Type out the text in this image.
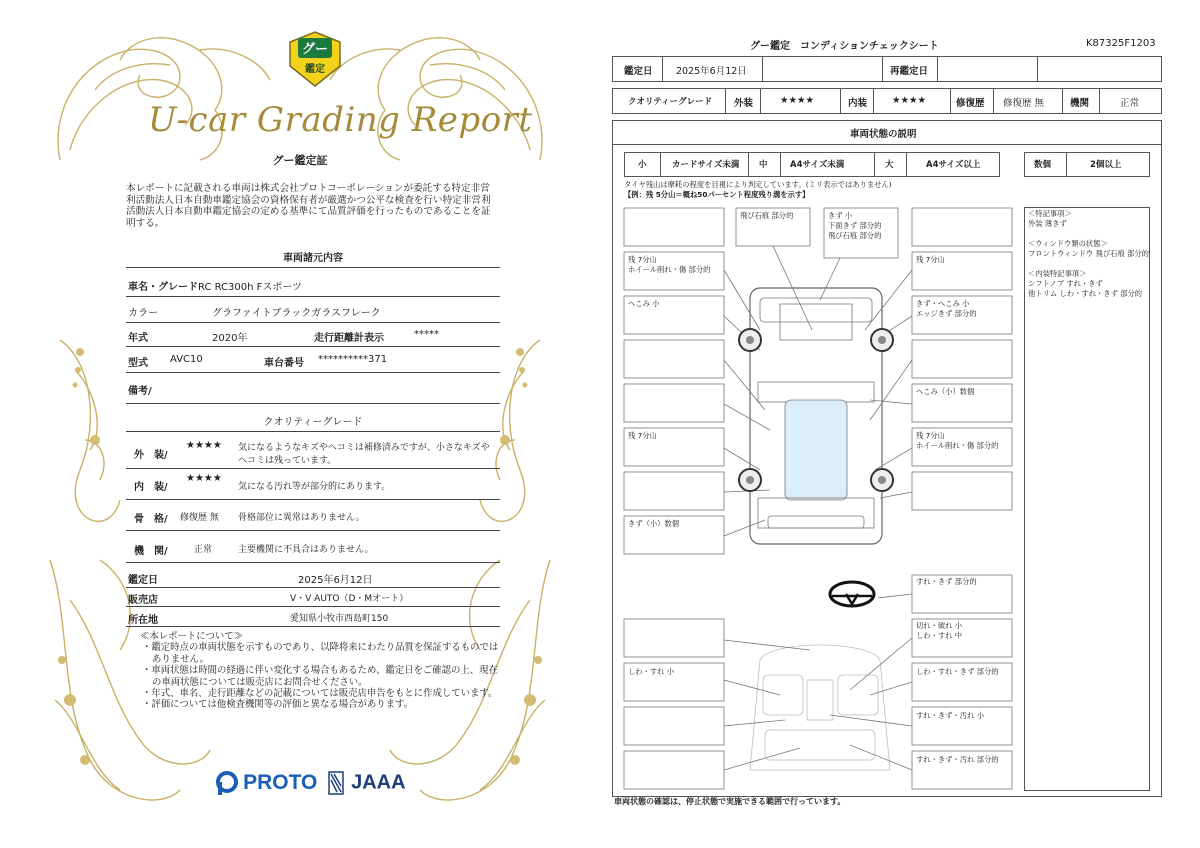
グー
鑑定
U-car Grading Report
グー鑑定証
本レポートに記載される車両は株式会社プロトコーポレーションが委託する特定非営利活動法人日本自動車鑑定協会の資格保有者が厳選かつ公平な検査を行い特定非営利活動法人日本自動車鑑定協会の定める基準にて品質評価を行ったものであることを証明する。
車両諸元内容
車名・グレード RC RC300h Fスポーツ
カラー	グラファイトブラックガラスフレーク
年式	2020年	走行距離計表示	*****
型式 AVC10	車台番号 **********371
備考/
クオリティーグレード
外　装/
★★★★ 気になるようなキズやヘコミは補修済みですが、小さなキズや
ヘコミは残っています。
内　装/
★★★★
気になる汚れ等が部分的にあります。
骨　格/ 修復歴 無 骨格部位に異常はありません。
機　関/	正常	主要機関に不具合はありません。
鑑定日	2025年6月12日
販売店	V・V AUTO（D・Mオート）
所在地	愛知県小牧市西島町150
≪本レポートについて≫
・鑑定時点の車両状態を示すものであり、以降将来にわたり品質を保証するものではありません。
・車両状態は時間の経過に伴い変化する場合もあるため、鑑定日をご確認の上、現在の車両状態については販売店にお問合せください。
・年式、車名、走行距離などの記載については販売店申告をもとに作成しています。
・評価については他検査機関等の評価と異なる場合があります。
PROTO	JAAA
グー鑑定　コンディションチェックシート	K87325F1203
鑑定日 2025年6月12日	再鑑定日
クオリティーグレード 外装	★★★★	内装	★★★★	修復歴 修復歴 無	機関	正常
車両状態の説明
小	カードサイズ未満 中	A4サイズ未満	大	A4サイズ以上	数個	2個以上
タイヤ残山は摩耗の程度を目視により判定しています。(ミリ表示ではありません)
【例：残 5分山＝概ね50パーセント程度残り溝を示す】
＜特記事項＞
外装 薄きず

＜ウィンドウ類の状態＞
フロントウィンドウ 飛び石痕 部分的

＜内装特記事項＞
シフトノブ すれ・きず
他トリム しわ・すれ・きず 部分的
飛び石痕 部分的	きず 小
下面きず 部分的
飛び石痕 部分的
残 7分山
ホイール削れ・傷 部分的
へこみ 小
残 7分山
きず・へこみ 小
エッジきず 部分的
へこみ（小）数個
残 7分山	残 7分山
ホイール削れ・傷 部分的
きず（小）数個
すれ・きず 部分的
切れ・破れ 小
しわ・すれ 中
しわ・すれ 小	しわ・すれ・きず 部分的
すれ・きず・汚れ 小
すれ・きず・汚れ 部分的
車両状態の確認は、停止状態で実施できる範囲で行っています。
